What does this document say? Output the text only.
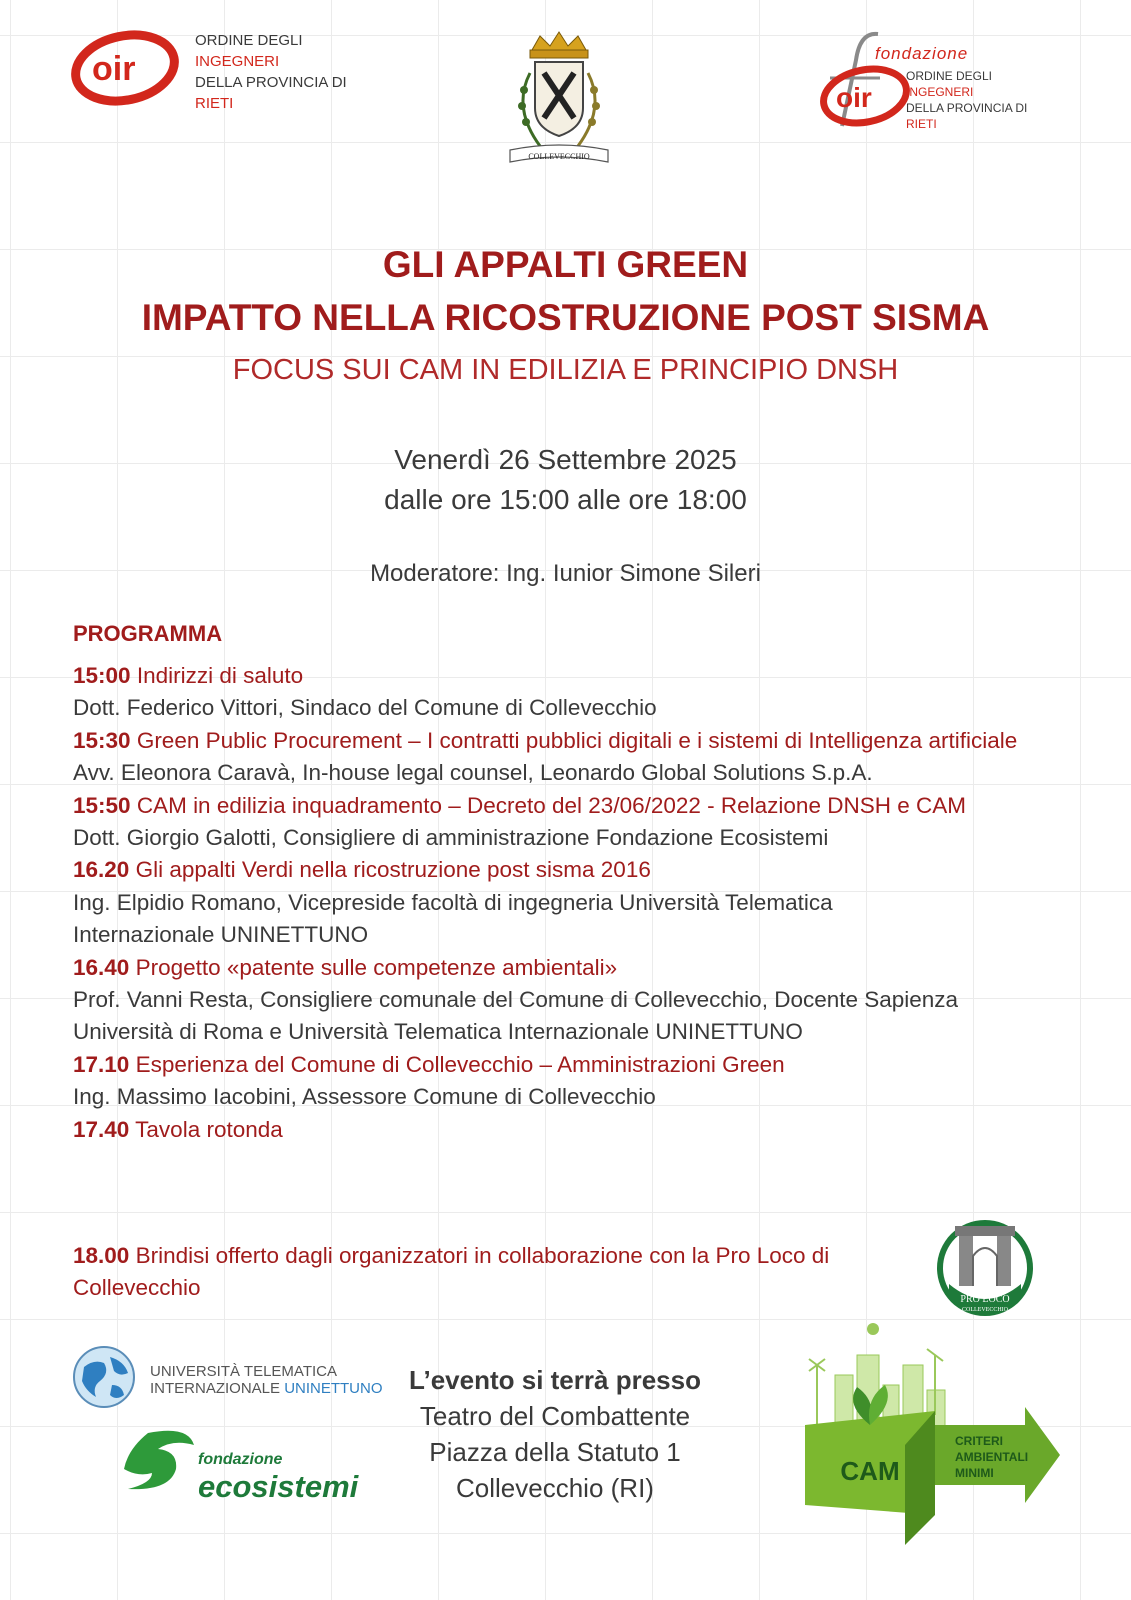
oir
ORDINE DEGLI
INGEGNERI
DELLA PROVINCIA DI
RIETI
COLLEVECCHIO
oir
fondazione
ORDINE DEGLI
INGEGNERI
DELLA PROVINCIA DI
RIETI
GLI APPALTI GREEN
IMPATTO NELLA RICOSTRUZIONE POST SISMA
FOCUS SUI CAM IN EDILIZIA E PRINCIPIO DNSH
Venerdì 26 Settembre 2025
dalle ore 15:00 alle ore 18:00
Moderatore: Ing. Iunior Simone Sileri
PROGRAMMA
15:00 Indirizzi di saluto
Dott. Federico Vittori, Sindaco del Comune di Collevecchio
15:30 Green Public Procurement – I contratti pubblici digitali e i sistemi di Intelligenza artificiale
Avv. Eleonora Caravà, In-house legal counsel, Leonardo Global Solutions S.p.A.
15:50 CAM in edilizia inquadramento – Decreto del 23/06/2022 - Relazione DNSH e CAM
Dott. Giorgio Galotti, Consigliere di amministrazione Fondazione Ecosistemi
16.20 Gli appalti Verdi nella ricostruzione post sisma 2016
Ing. Elpidio Romano, Vicepreside facoltà di ingegneria Università Telematica Internazionale UNINETTUNO
16.40 Progetto «patente sulle competenze ambientali»
Prof. Vanni Resta, Consigliere comunale del Comune di Collevecchio, Docente Sapienza Università di Roma e Università Telematica Internazionale UNINETTUNO
17.10 Esperienza del Comune di Collevecchio – Amministrazioni Green
Ing. Massimo Iacobini, Assessore Comune di Collevecchio
17.40 Tavola rotonda
18.00 Brindisi offerto dagli organizzatori in collaborazione con la Pro Loco di Collevecchio	PRO LOCO
COLLEVECCHIO
UNIVERSITÀ TELEMATICA
INTERNAZIONALE UNINETTUNO
fondazione
ecosistemi
L’evento si terrà presso
Teatro del Combattente
Piazza della Statuto 1
Collevecchio (RI)
CAM
CRITERI
AMBIENTALI
MINIMI
